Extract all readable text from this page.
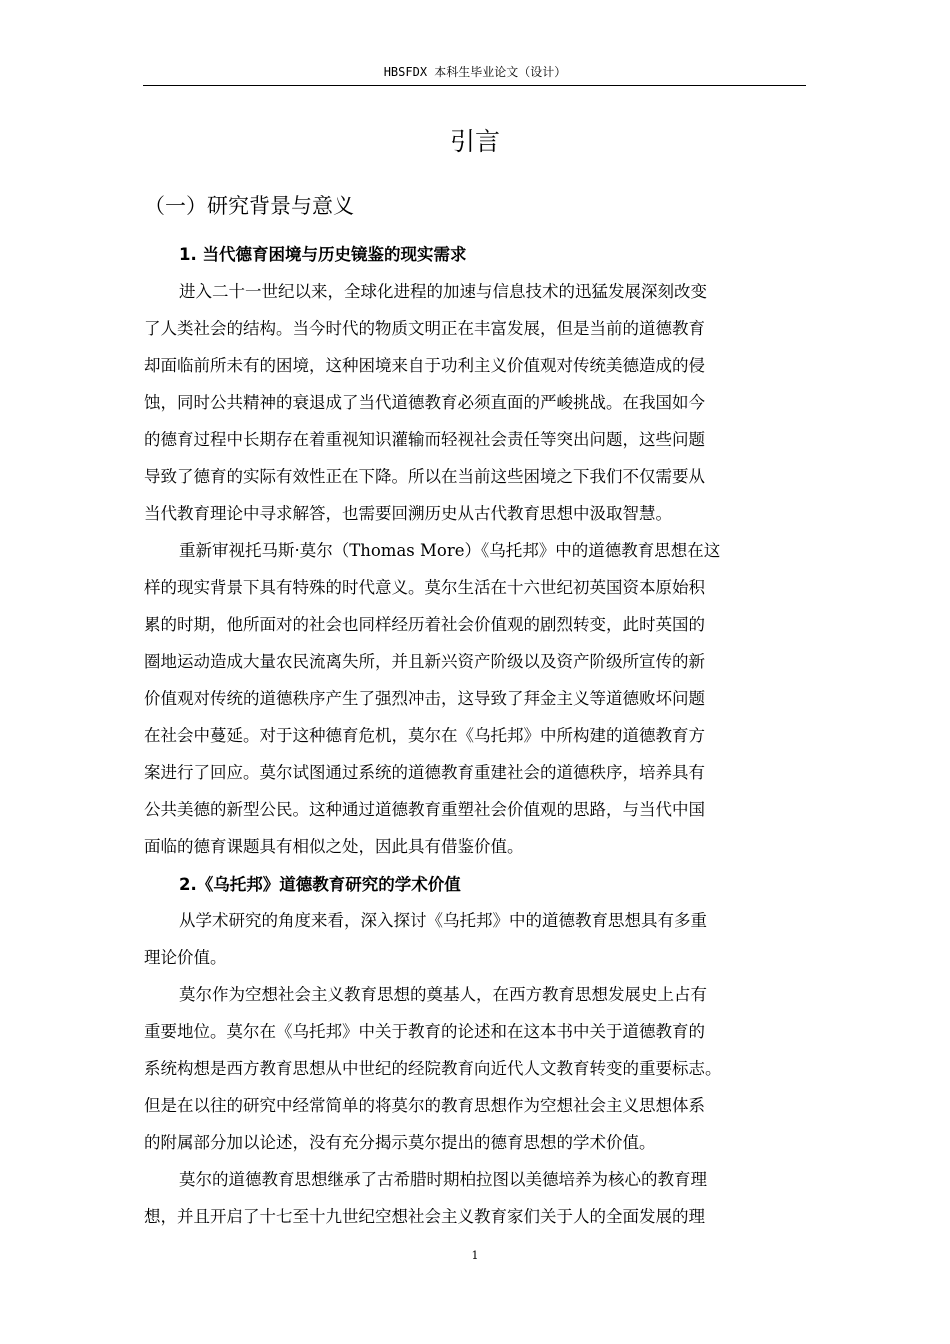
HBSFDX 本科生毕业论文（设计）
引言
（一）研究背景与意义
1. 当代德育困境与历史镜鉴的现实需求
进入二十一世纪以来，全球化进程的加速与信息技术的迅猛发展深刻改变
了人类社会的结构。当今时代的物质文明正在丰富发展，但是当前的道德教育
却面临前所未有的困境，这种困境来自于功利主义价值观对传统美德造成的侵
蚀，同时公共精神的衰退成了当代道德教育必须直面的严峻挑战。在我国如今
的德育过程中长期存在着重视知识灌输而轻视社会责任等突出问题，这些问题
导致了德育的实际有效性正在下降。所以在当前这些困境之下我们不仅需要从
当代教育理论中寻求解答，也需要回溯历史从古代教育思想中汲取智慧。
重新审视托马斯·莫尔（Thomas More）《乌托邦》中的道德教育思想在这
样的现实背景下具有特殊的时代意义。莫尔生活在十六世纪初英国资本原始积
累的时期，他所面对的社会也同样经历着社会价值观的剧烈转变，此时英国的
圈地运动造成大量农民流离失所，并且新兴资产阶级以及资产阶级所宣传的新
价值观对传统的道德秩序产生了强烈冲击，这导致了拜金主义等道德败坏问题
在社会中蔓延。对于这种德育危机，莫尔在《乌托邦》中所构建的道德教育方
案进行了回应。莫尔试图通过系统的道德教育重建社会的道德秩序，培养具有
公共美德的新型公民。这种通过道德教育重塑社会价值观的思路，与当代中国
面临的德育课题具有相似之处，因此具有借鉴价值。
2.《乌托邦》道德教育研究的学术价值
从学术研究的角度来看，深入探讨《乌托邦》中的道德教育思想具有多重
理论价值。
莫尔作为空想社会主义教育思想的奠基人，在西方教育思想发展史上占有
重要地位。莫尔在《乌托邦》中关于教育的论述和在这本书中关于道德教育的
系统构想是西方教育思想从中世纪的经院教育向近代人文教育转变的重要标志。
但是在以往的研究中经常简单的将莫尔的教育思想作为空想社会主义思想体系
的附属部分加以论述，没有充分揭示莫尔提出的德育思想的学术价值。
莫尔的道德教育思想继承了古希腊时期柏拉图以美德培养为核心的教育理
想，并且开启了十七至十九世纪空想社会主义教育家们关于人的全面发展的理
1
